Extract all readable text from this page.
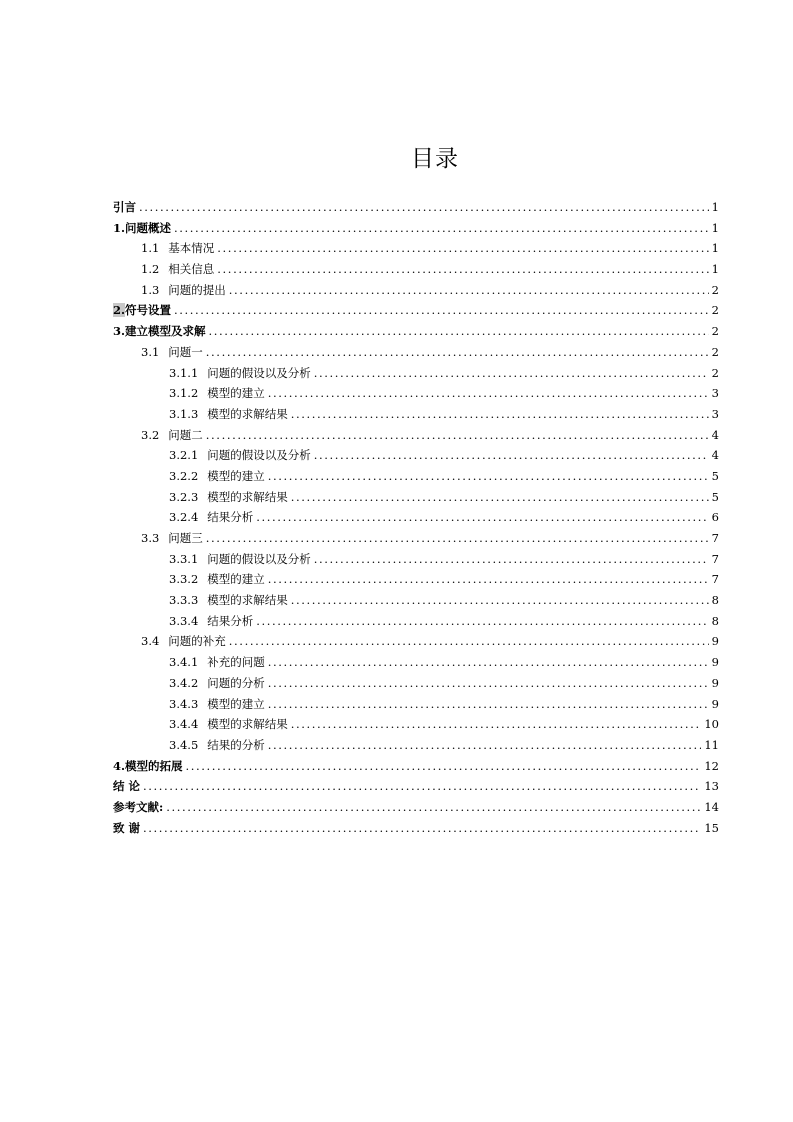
目录
引言 .....	1
1.问题概述 .....	1
1.1 基本情况 .....	1
1.2 相关信息 .....	1
1.3 问题的提出 .....	2
2.符号设置 .....	2
3.建立模型及求解 .....	2
3.1 问题一 .....	2
3.1.1 问题的假设以及分析 .....	2
3.1.2 模型的建立 .....	3
3.1.3 模型的求解结果 .....	3
3.2 问题二 .....	4
3.2.1 问题的假设以及分析 .....	4
3.2.2 模型的建立 .....	5
3.2.3 模型的求解结果 .....	5
3.2.4 结果分析 .....	6
3.3 问题三 .....	7
3.3.1 问题的假设以及分析 .....	7
3.3.2 模型的建立 .....	7
3.3.3 模型的求解结果 .....	8
3.3.4 结果分析 .....	8
3.4 问题的补充 .....	9
3.4.1 补充的问题 .....	9
3.4.2 问题的分析 .....	9
3.4.3 模型的建立 .....	9
3.4.4 模型的求解结果 .....	10
3.4.5 结果的分析 .....	11
4.模型的拓展 .....	12
结 论 .....	13
参考文献: .....	14
致 谢 .....	15
